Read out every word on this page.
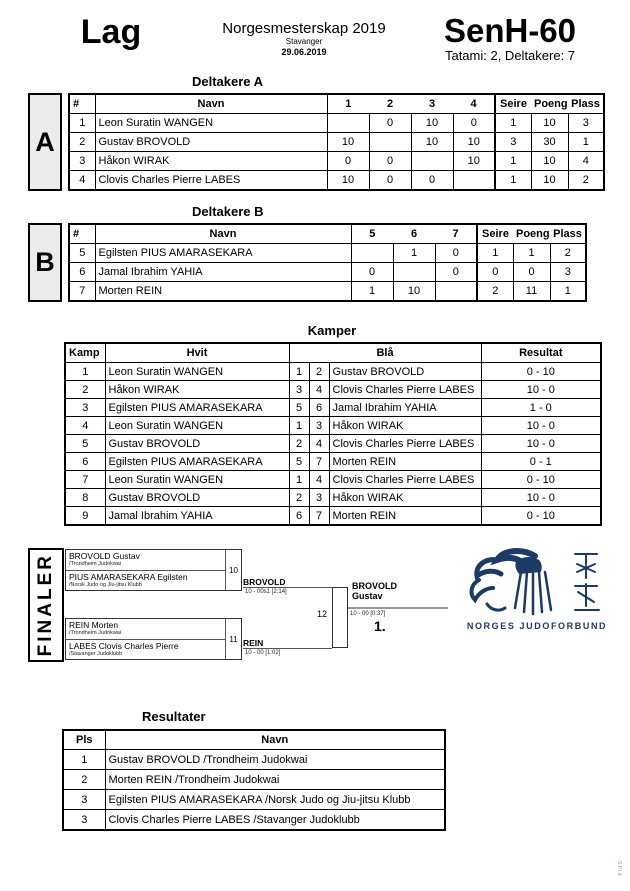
Lag	Norgesmesterskap 2019
Stavanger
29.06.2019
SenH-60
Tatami: 2, Deltakere: 7
Deltakere A
A
#	Navn	1	2	3	4	Seire	Poeng	Plass
1	Leon Suratin WANGEN		0	10	0	1	10	3
2	Gustav BROVOLD	10		10	10	3	30	1
3	Håkon WIRAK	0	0		10	1	10	4
4	Clovis Charles Pierre LABES	10	0	0		1	10	2
Deltakere B
B
#	Navn	5	6	7	Seire	Poeng	Plass
5	Egilsten PIUS AMARASEKARA		1	0	1	1	2
6	Jamal Ibrahim YAHIA	0		0	0	0	3
7	Morten REIN	1	10		2	11	1
Kamper
Kamp	Hvit	Blå			Resultat
1	Leon Suratin WANGEN	1	2	Gustav BROVOLD	0 - 10
2	Håkon WIRAK	3	4	Clovis Charles Pierre LABES	10 - 0
3	Egilsten PIUS AMARASEKARA	5	6	Jamal Ibrahim YAHIA	1 - 0
4	Leon Suratin WANGEN	1	3	Håkon WIRAK	10 - 0
5	Gustav BROVOLD	2	4	Clovis Charles Pierre LABES	10 - 0
6	Egilsten PIUS AMARASEKARA	5	7	Morten REIN	0 - 1
7	Leon Suratin WANGEN	1	4	Clovis Charles Pierre LABES	0 - 10
8	Gustav BROVOLD	2	3	Håkon WIRAK	10 - 0
9	Jamal Ibrahim YAHIA	6	7	Morten REIN	0 - 10
FINALER BROVOLD Gustav
/Trondheim Judokwai
PIUS AMARASEKARA Egilsten
/Norsk Judo og Jiu-jitsu Klubb
10
BROVOLD
10 - 00s1 [2:14]
REIN Morten
/Trondheim Judokwai
LABES Clovis Charles Pierre
/Stavanger Judoklubb
11 REIN
10 - 00 [1:02]
12
BROVOLD
Gustav
10 - 00 [0:37]
1.	NORGES JUDOFORBUND
Resultater
Pls	Navn
1	Gustav BROVOLD /Trondheim Judokwai
2	Morten REIN /Trondheim Judokwai
3	Egilsten PIUS AMARASEKARA /Norsk Judo og Jiu-jitsu Klubb
3	Clovis Charles Pierre LABES /Stavanger Judoklubb
S.P.I.d
